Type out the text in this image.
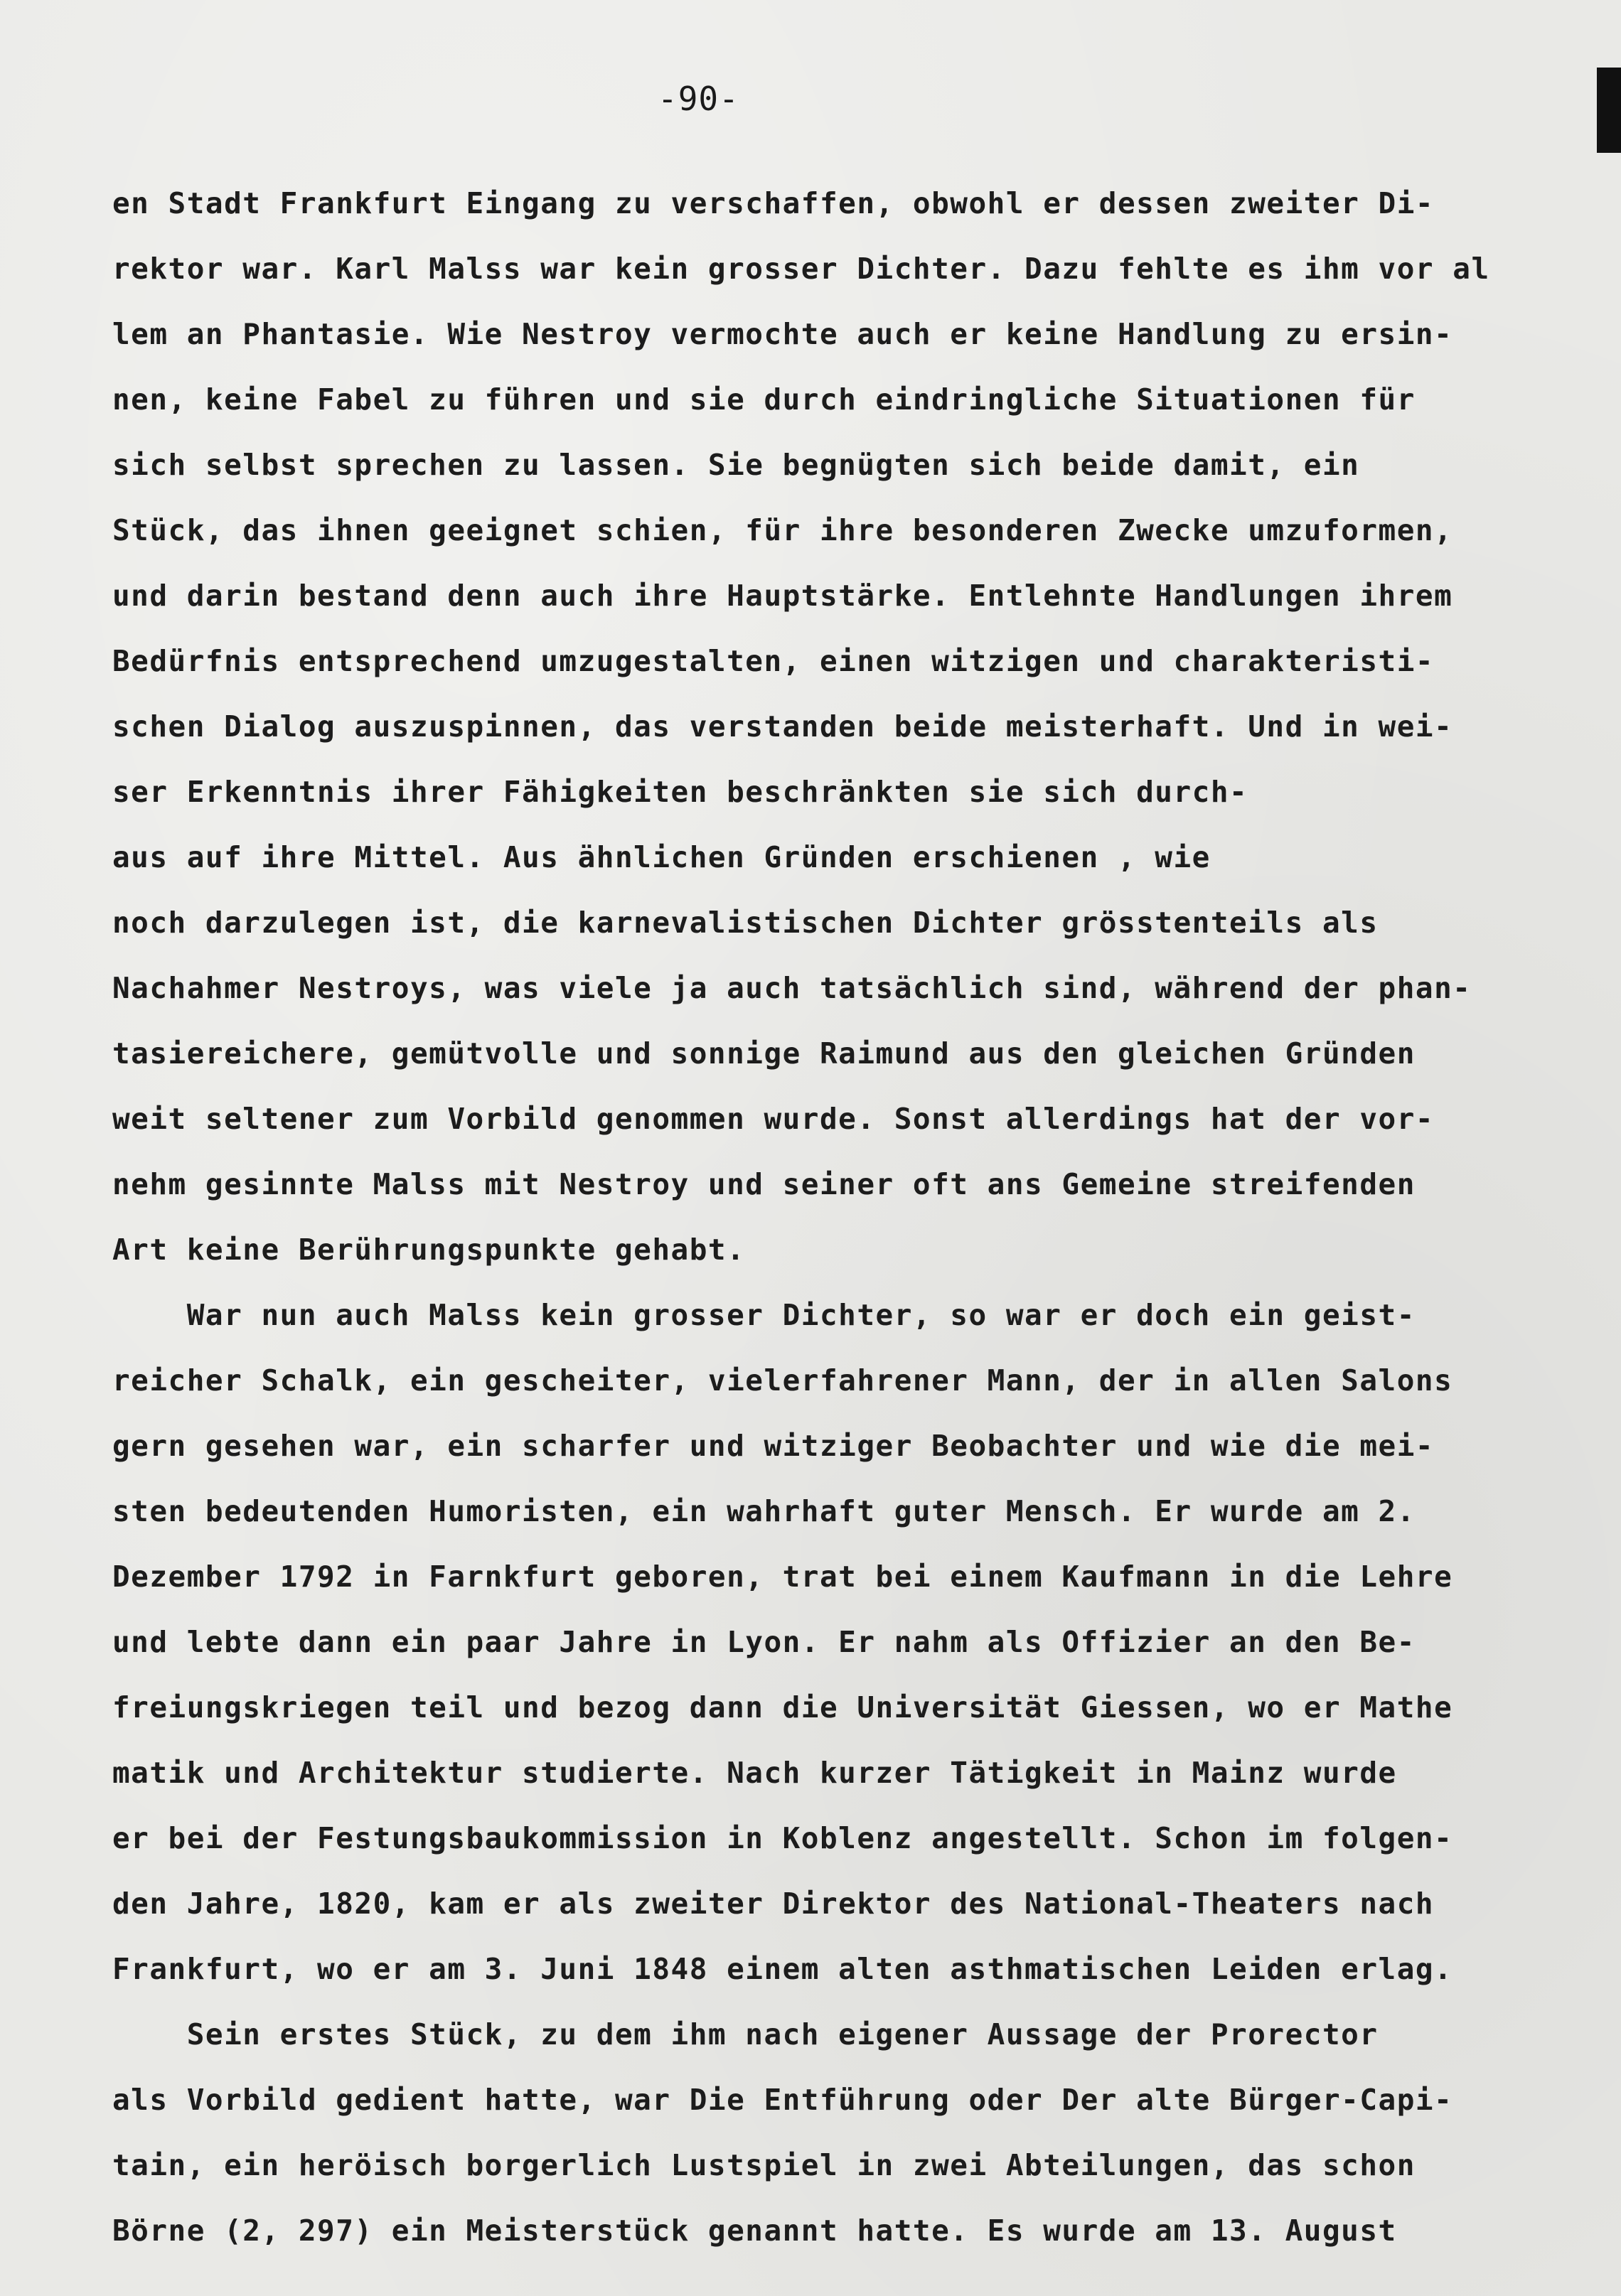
-90-
en Stadt Frankfurt Eingang zu verschaffen, obwohl er dessen zweiter Di-
rektor war. Karl Malss war kein grosser Dichter. Dazu fehlte es ihm vor al
lem an Phantasie. Wie Nestroy vermochte auch er keine Handlung zu ersin-
nen, keine Fabel zu führen und sie durch eindringliche Situationen für
sich selbst sprechen zu lassen. Sie begnügten sich beide damit, ein
Stück, das ihnen geeignet schien, für ihre besonderen Zwecke umzuformen,
und darin bestand denn auch ihre Hauptstärke. Entlehnte Handlungen ihrem
Bedürfnis entsprechend umzugestalten, einen witzigen und charakteristi-
schen Dialog auszuspinnen, das verstanden beide meisterhaft. Und in wei-
ser Erkenntnis ihrer Fähigkeiten beschränkten sie sich durch-
aus auf ihre Mittel. Aus ähnlichen Gründen erschienen , wie
noch darzulegen ist, die karnevalistischen Dichter grösstenteils als
Nachahmer Nestroys, was viele ja auch tatsächlich sind, während der phan-
tasiereichere, gemütvolle und sonnige Raimund aus den gleichen Gründen
weit seltener zum Vorbild genommen wurde. Sonst allerdings hat der vor-
nehm gesinnte Malss mit Nestroy und seiner oft ans Gemeine streifenden
Art keine Berührungspunkte gehabt.
War nun auch Malss kein grosser Dichter, so war er doch ein geist-
reicher Schalk, ein gescheiter, vielerfahrener Mann, der in allen Salons
gern gesehen war, ein scharfer und witziger Beobachter und wie die mei-
sten bedeutenden Humoristen, ein wahrhaft guter Mensch. Er wurde am 2.
Dezember 1792 in Farnkfurt geboren, trat bei einem Kaufmann in die Lehre
und lebte dann ein paar Jahre in Lyon. Er nahm als Offizier an den Be-
freiungskriegen teil und bezog dann die Universität Giessen, wo er Mathe
matik und Architektur studierte. Nach kurzer Tätigkeit in Mainz wurde
er bei der Festungsbaukommission in Koblenz angestellt. Schon im folgen-
den Jahre, 1820, kam er als zweiter Direktor des National-Theaters nach
Frankfurt, wo er am 3. Juni 1848 einem alten asthmatischen Leiden erlag.
Sein erstes Stück, zu dem ihm nach eigener Aussage der Prorector
als Vorbild gedient hatte, war Die Entführung oder Der alte Bürger-Capi-
tain, ein heröisch borgerlich Lustspiel in zwei Abteilungen, das schon
Börne (2, 297) ein Meisterstück genannt hatte. Es wurde am 13. August
